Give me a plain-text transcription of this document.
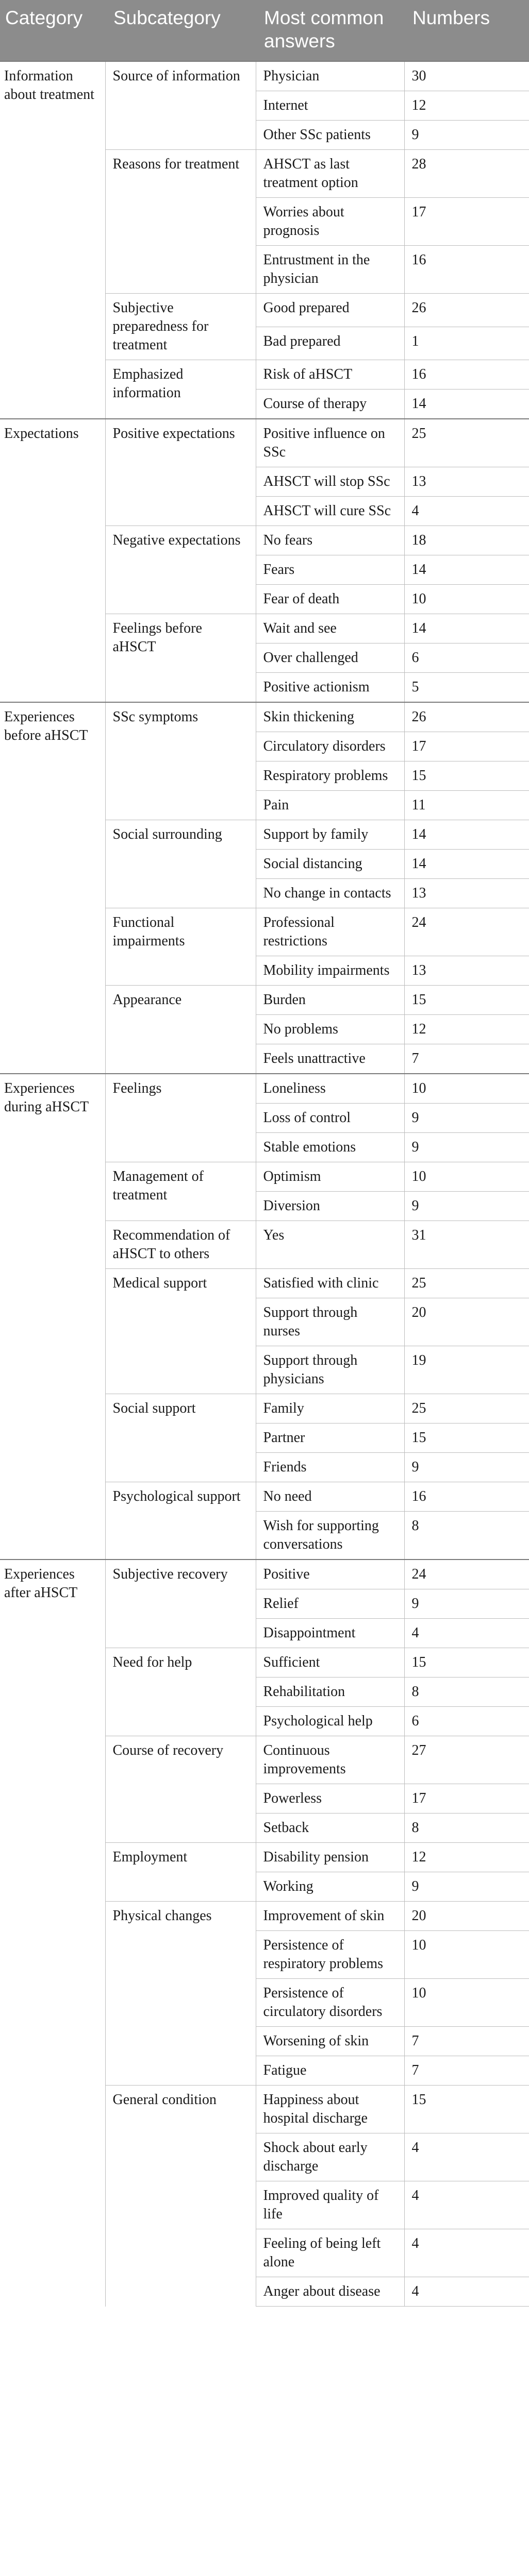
Category	Subcategory	Most common answers	Numbers
Information about treatment	Source of information	Physician	30
		Internet	12
		Other SSc patients	9
	Reasons for treatment	AHSCT as last treatment option	28
		Worries about prognosis	17
		Entrustment in the physician	16
	Subjective preparedness for treatment	Good prepared	26
		Bad prepared	1
	Emphasized information	Risk of aHSCT	16
		Course of therapy	14
Expectations	Positive expectations	Positive influence on SSc	25
		AHSCT will stop SSc	13
		AHSCT will cure SSc	4
	Negative expectations	No fears	18
		Fears	14
		Fear of death	10
	Feelings before aHSCT	Wait and see	14
		Over challenged	6
		Positive actionism	5
Experiences before aHSCT	SSc symptoms	Skin thickening	26
		Circulatory disorders	17
		Respiratory problems	15
		Pain	11
	Social surrounding	Support by family	14
		Social distancing	14
		No change in contacts	13
	Functional impairments	Professional restrictions	24
		Mobility impairments	13
	Appearance	Burden	15
		No problems	12
		Feels unattractive	7
Experiences during aHSCT	Feelings	Loneliness	10
		Loss of control	9
		Stable emotions	9
	Management of treatment	Optimism	10
		Diversion	9
	Recommendation of aHSCT to others	Yes	31
	Medical support	Satisfied with clinic	25
		Support through nurses	20
		Support through physicians	19
	Social support	Family	25
		Partner	15
		Friends	9
	Psychological support	No need	16
		Wish for supporting conversations	8
Experiences after aHSCT	Subjective recovery	Positive	24
		Relief	9
		Disappointment	4
	Need for help	Sufficient	15
		Rehabilitation	8
		Psychological help	6
	Course of recovery	Continuous improvements	27
		Powerless	17
		Setback	8
	Employment	Disability pension	12
		Working	9
	Physical changes	Improvement of skin	20
		Persistence of respiratory problems	10
		Persistence of circulatory disorders	10
		Worsening of skin	7
		Fatigue	7
	General condition	Happiness about hospital discharge	15
		Shock about early discharge	4
		Improved quality of life	4
		Feeling of being left alone	4
		Anger about disease	4
